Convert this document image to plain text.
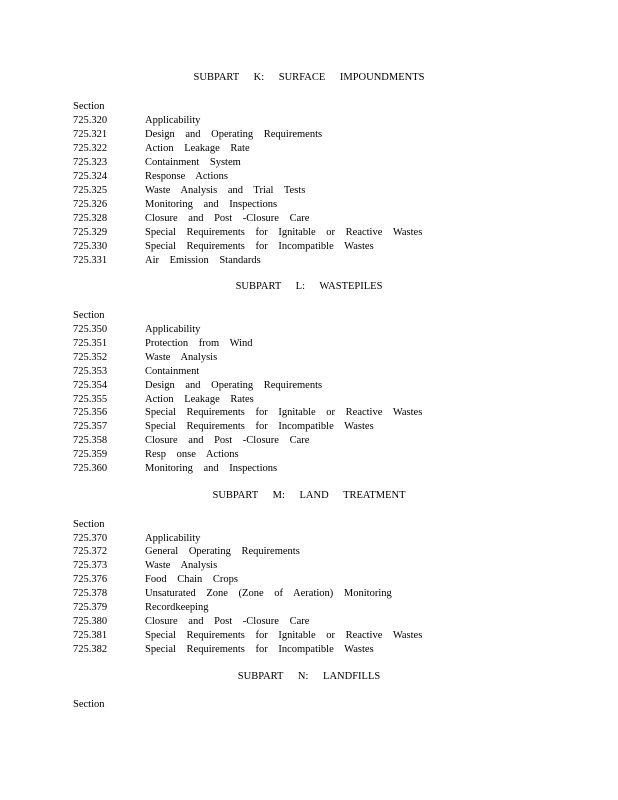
SUBPART K: SURFACE IMPOUNDMENTS
Section
725.320	Applicability
725.321	Design and Operating Requirements
725.322	Action Leakage Rate
725.323	Containment System
725.324	Response Actions
725.325	Waste Analysis and Trial Tests
725.326	Monitoring and Inspections
725.328	Closure and Post -Closure Care
725.329	Special Requirements for Ignitable or Reactive Wastes
725.330	Special Requirements for Incompatible Wastes
725.331	Air Emission Standards
SUBPART L: WASTEPILES
Section
725.350	Applicability
725.351	Protection from Wind
725.352	Waste Analysis
725.353	Containment
725.354	Design and Operating Requirements
725.355	Action Leakage Rates
725.356	Special Requirements for Ignitable or Reactive Wastes
725.357	Special Requirements for Incompatible Wastes
725.358	Closure and Post -Closure Care
725.359	Resp onse Actions
725.360	Monitoring and Inspections
SUBPART M: LAND TREATMENT
Section
725.370	Applicability
725.372	General Operating Requirements
725.373	Waste Analysis
725.376	Food Chain Crops
725.378	Unsaturated Zone (Zone of Aeration) Monitoring
725.379	Recordkeeping
725.380	Closure and Post -Closure Care
725.381	Special Requirements for Ignitable or Reactive Wastes
725.382	Special Requirements for Incompatible Wastes
SUBPART N: LANDFILLS
Section
